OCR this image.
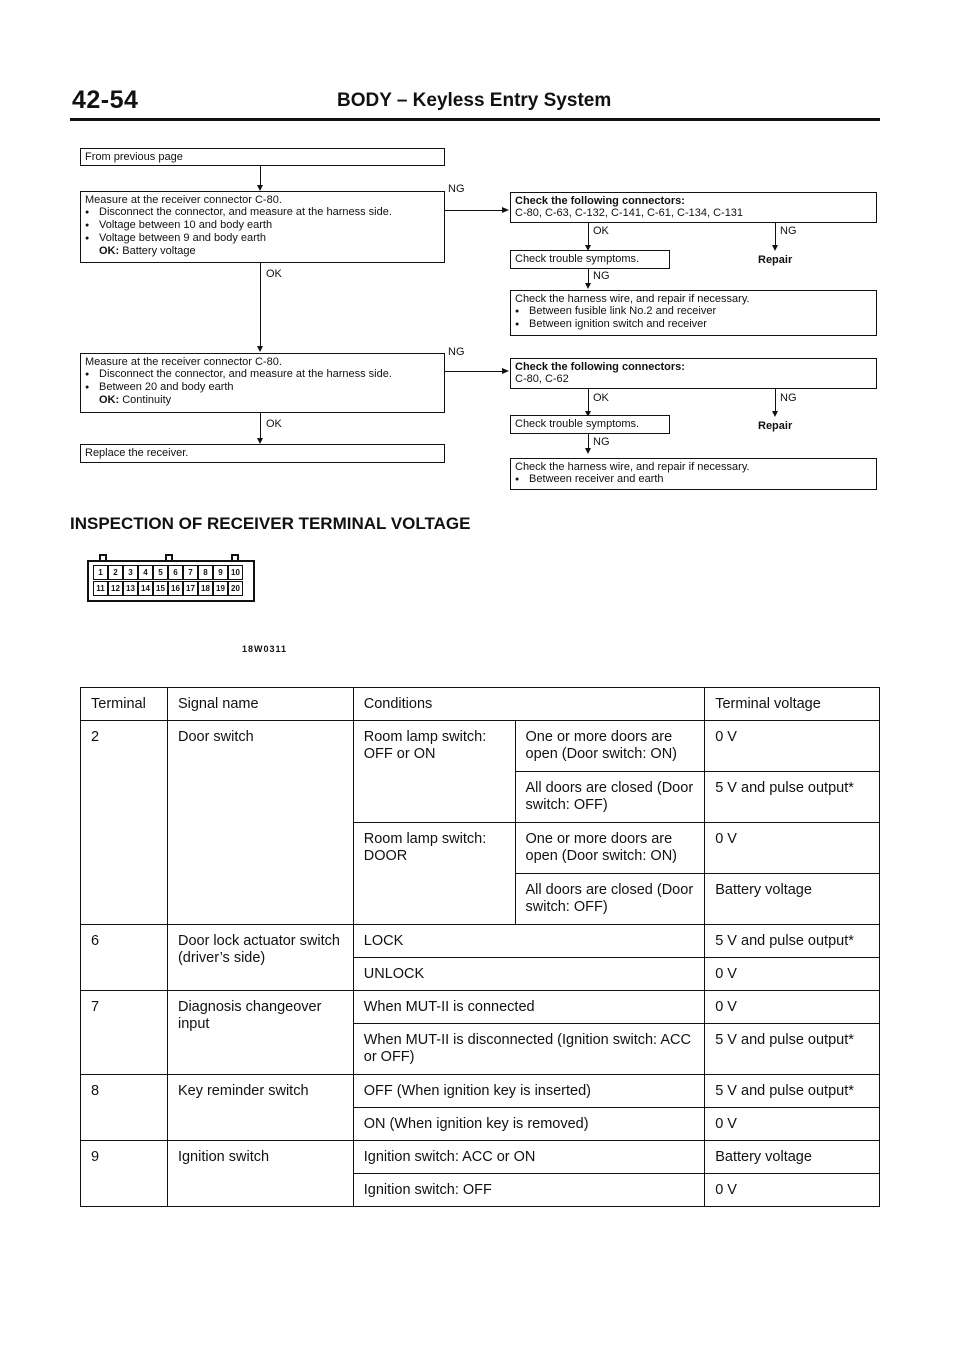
42-54	BODY – Keyless Entry System
From previous page
Measure at the receiver connector C-80.
● Disconnect the connector, and measure at the harness side.
● Voltage between 10 and body earth
● Voltage between 9 and body earth
OK: Battery voltage
NG
OK
Measure at the receiver connector C-80.
● Disconnect the connector, and measure at the harness side.
● Between 20 and body earth
OK: Continuity
NG
OK
Replace the receiver.
Check the following connectors:
C-80, C-63, C-132, C-141, C-61, C-134, C-131
OK	NG
Check trouble symptoms.	Repair
NG
Check the harness wire, and repair if necessary.
● Between fusible link No.2 and receiver
● Between ignition switch and receiver
Check the following connectors:
C-80, C-62
OK	NG
Check trouble symptoms.	Repair
NG
Check the harness wire, and repair if necessary.
● Between receiver and earth
INSPECTION OF RECEIVER TERMINAL VOLTAGE
1	2	3	4	5	6	7	8	9	10
11 12 13 14 15 16 17 18 19 20
18W0311
Terminal	Signal name	Conditions		Terminal voltage
2	Door switch	Room lamp switch: OFF or ON	One or more doors are open (Door switch: ON)	0 V
			All doors are closed (Door switch: OFF)	5 V and pulse output*
		Room lamp switch: DOOR	One or more doors are open (Door switch: ON)	0 V
			All doors are closed (Door switch: OFF)	Battery voltage
6	Door lock actuator switch (driver’s side)	LOCK		5 V and pulse output*
		UNLOCK		0 V
7	Diagnosis changeover input	When MUT-II is connected		0 V
		When MUT-II is disconnected (Ignition switch: ACC or OFF)		5 V and pulse output*
8	Key reminder switch	OFF (When ignition key is inserted)		5 V and pulse output*
		ON (When ignition key is removed)		0 V
9	Ignition switch	Ignition switch: ACC or ON		Battery voltage
		Ignition switch: OFF		0 V
